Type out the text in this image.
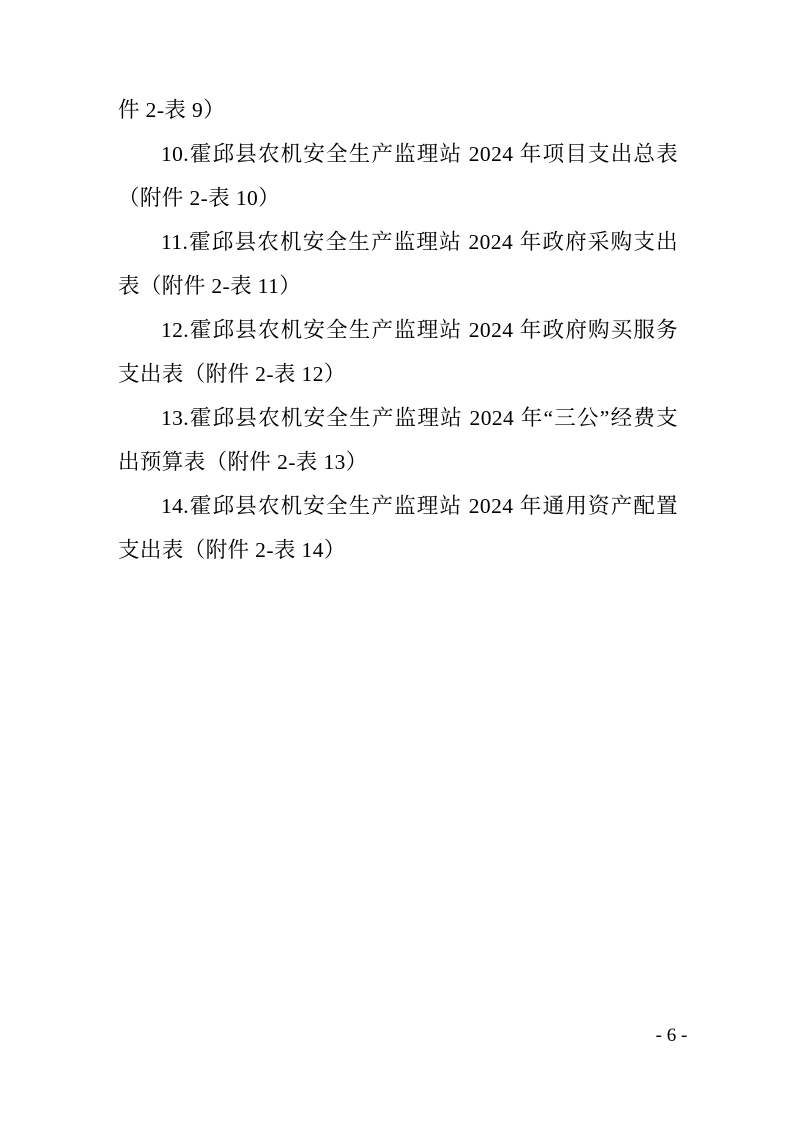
件 2-表 9）

10.霍邱县农机安全生产监理站 2024 年项目支出总表（附件 2-表 10）

11.霍邱县农机安全生产监理站 2024 年政府采购支出表（附件 2-表 11）

12.霍邱县农机安全生产监理站 2024 年政府购买服务支出表（附件 2-表 12）

13.霍邱县农机安全生产监理站 2024 年“三公”经费支出预算表（附件 2-表 13）

14.霍邱县农机安全生产监理站 2024 年通用资产配置支出表（附件 2-表 14）

- 6 -
